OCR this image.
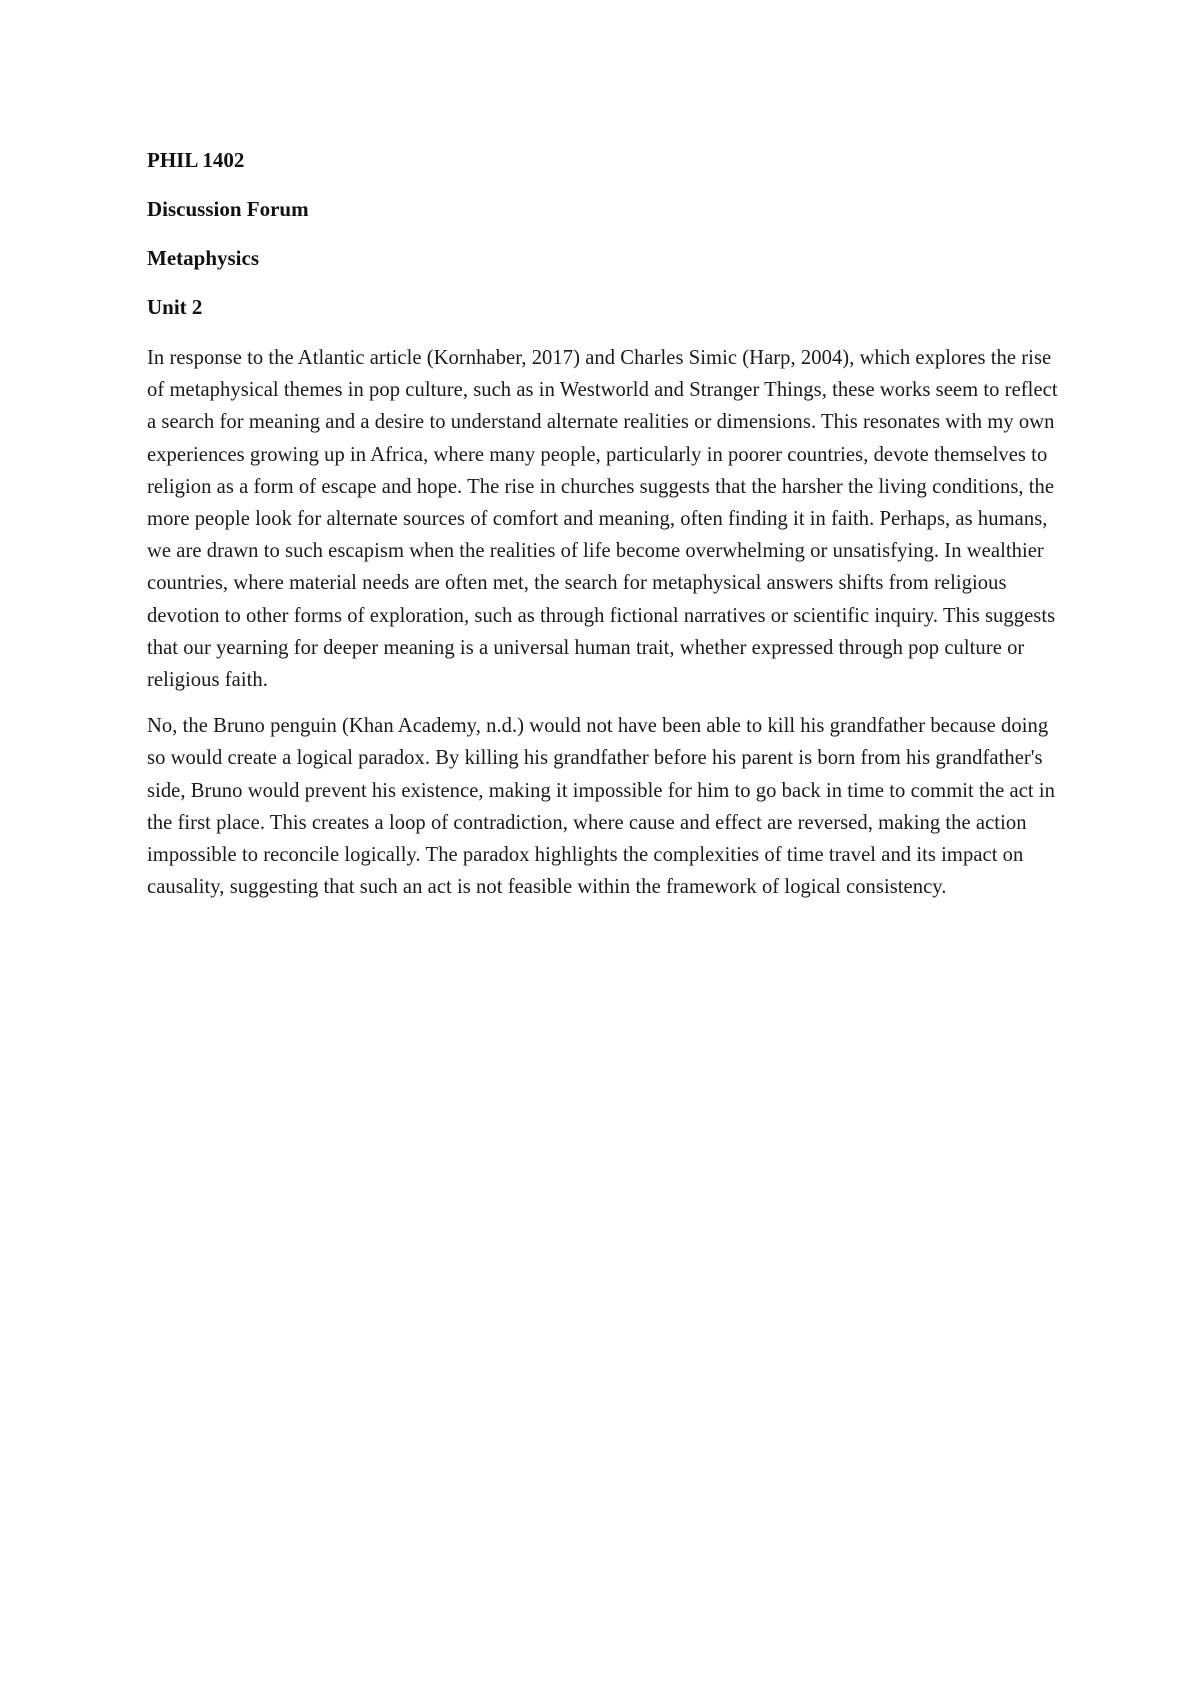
PHIL 1402
Discussion Forum
Metaphysics
Unit 2

In response to the Atlantic article (Kornhaber, 2017) and Charles Simic (Harp, 2004), which explores the rise of metaphysical themes in pop culture, such as in Westworld and Stranger Things, these works seem to reflect a search for meaning and a desire to understand alternate realities or dimensions. This resonates with my own experiences growing up in Africa, where many people, particularly in poorer countries, devote themselves to religion as a form of escape and hope. The rise in churches suggests that the harsher the living conditions, the more people look for alternate sources of comfort and meaning, often finding it in faith. Perhaps, as humans, we are drawn to such escapism when the realities of life become overwhelming or unsatisfying. In wealthier countries, where material needs are often met, the search for metaphysical answers shifts from religious devotion to other forms of exploration, such as through fictional narratives or scientific inquiry. This suggests that our yearning for deeper meaning is a universal human trait, whether expressed through pop culture or religious faith.

No, the Bruno penguin (Khan Academy, n.d.) would not have been able to kill his grandfather because doing so would create a logical paradox. By killing his grandfather before his parent is born from his grandfather's side, Bruno would prevent his existence, making it impossible for him to go back in time to commit the act in the first place. This creates a loop of contradiction, where cause and effect are reversed, making the action impossible to reconcile logically. The paradox highlights the complexities of time travel and its impact on causality, suggesting that such an act is not feasible within the framework of logical consistency.
